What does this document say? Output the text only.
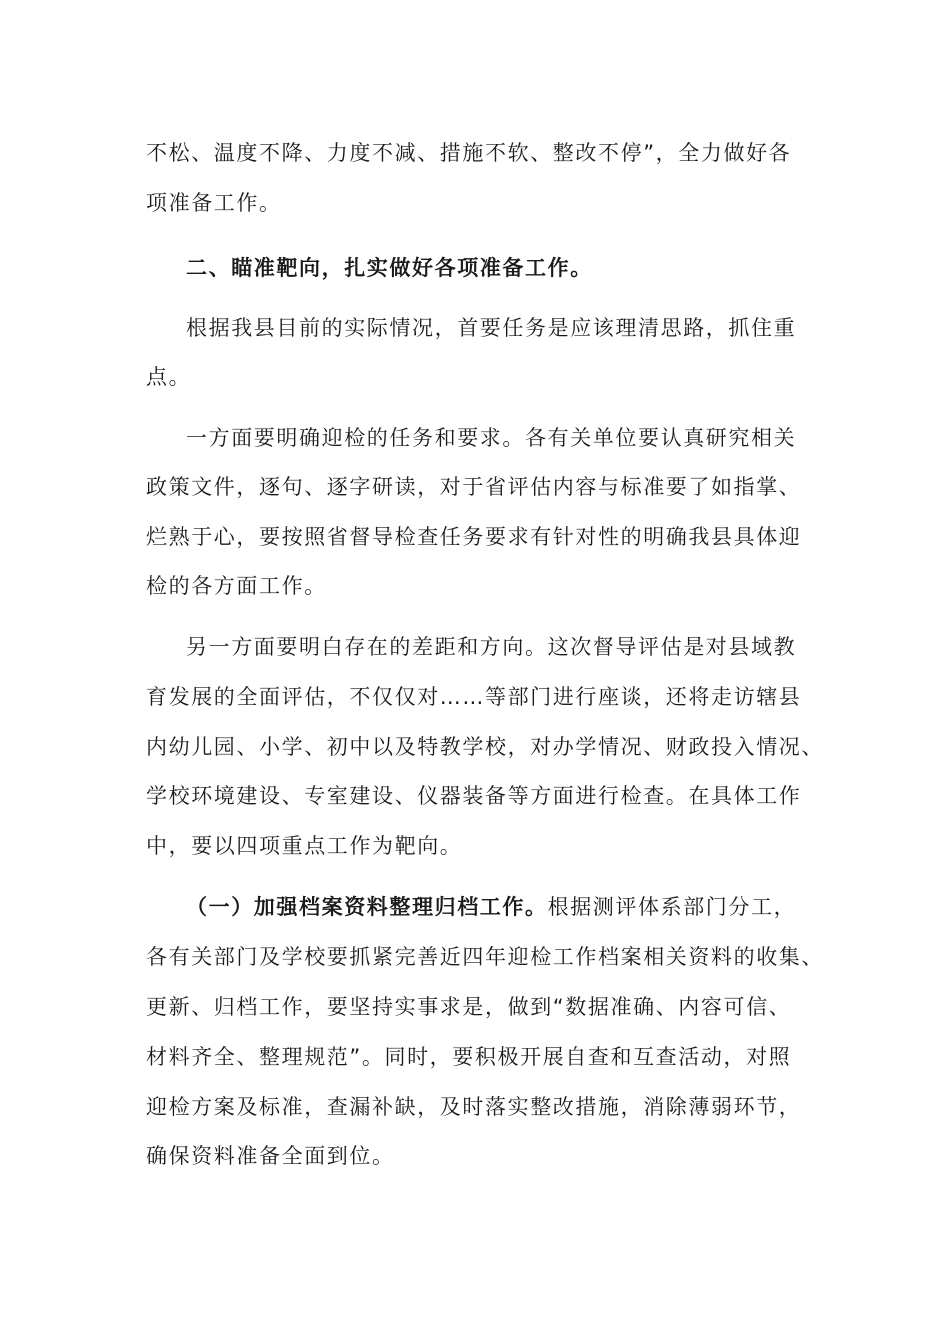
不松、温度不降、力度不减、措施不软、整改不停”，全力做好各
项准备工作。
二、瞄准靶向，扎实做好各项准备工作。
根据我县目前的实际情况，首要任务是应该理清思路，抓住重
点。
一方面要明确迎检的任务和要求。各有关单位要认真研究相关
政策文件，逐句、逐字研读，对于省评估内容与标准要了如指掌、
烂熟于心，要按照省督导检查任务要求有针对性的明确我县具体迎
检的各方面工作。
另一方面要明白存在的差距和方向。这次督导评估是对县域教
育发展的全面评估，不仅仅对……等部门进行座谈，还将走访辖县
内幼儿园、小学、初中以及特教学校，对办学情况、财政投入情况、
学校环境建设、专室建设、仪器装备等方面进行检查。在具体工作
中，要以四项重点工作为靶向。
（一）加强档案资料整理归档工作。根据测评体系部门分工，
各有关部门及学校要抓紧完善近四年迎检工作档案相关资料的收集、
更新、归档工作，要坚持实事求是，做到“数据准确、内容可信、
材料齐全、整理规范”。同时，要积极开展自查和互查活动，对照
迎检方案及标准，查漏补缺，及时落实整改措施，消除薄弱环节，
确保资料准备全面到位。
